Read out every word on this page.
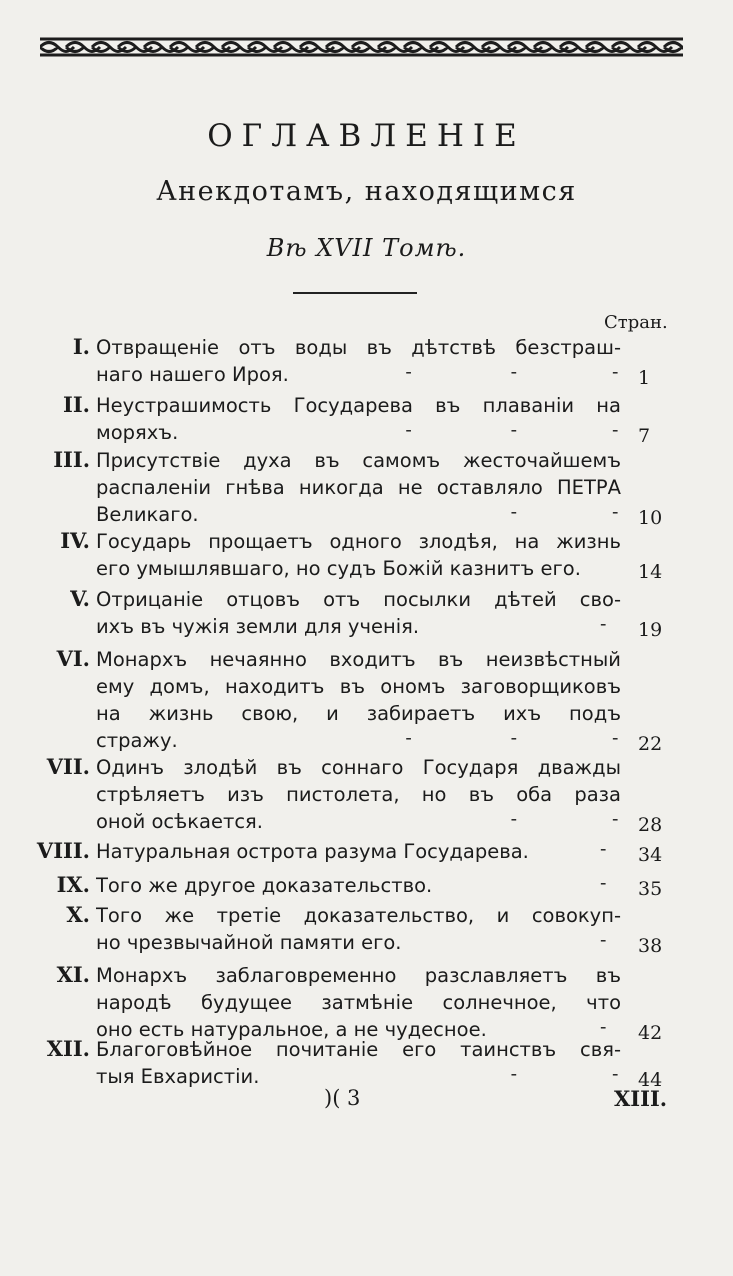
ОГЛАВЛЕНІЕ
Анекдотамъ, находящимся
Вѣ XVII Томѣ.
Стран.
I. Отвращеніе отъ воды въ дѣтствѣ безстраш-
наго нашего Ироя.	-	-	- 1
II. Неустрашимость Государева въ плаваніи на
моряхъ.	-	-	- 7
III. Присутствіе духа въ самомъ жесточайшемъ
распаленіи гнѣва никогда не оставляло ПЕТРА
Великаго.	-	- 10
IV. Государь прощаетъ одного злодѣя, на жизнь
его умышлявшаго, но судъ Божій казнитъ его.	14
V. Отрицаніе отцовъ отъ посылки дѣтей сво-
ихъ въ чужія земли для ученія.	- 19
VI. Монархъ нечаянно входитъ въ неизвѣстный
ему домъ, находитъ въ ономъ заговорщиковъ
на жизнь свою, и забираетъ ихъ подъ
стражу.	-	-	- 22
VII. Одинъ злодѣй въ соннаго Государя дважды
стрѣляетъ изъ пистолета, но въ оба раза
оной осѣкается.	-	- 28
VIII. Натуральная острота разума Государева.	- 34
IX. Того же другое доказательство.	- 35
X. Того же третіе доказательство, и совокуп-
но чрезвычайной памяти его.	- 38
XI. Монархъ заблаговременно разславляетъ въ
народѣ будущее затмѣніе солнечное, что
оно есть натуральное, а не чудесное.	- 42
XII. Благоговѣйное почитаніе его таинствъ свя-
тыя Евхаристіи.	-	- 44
)( 3	XIII.
